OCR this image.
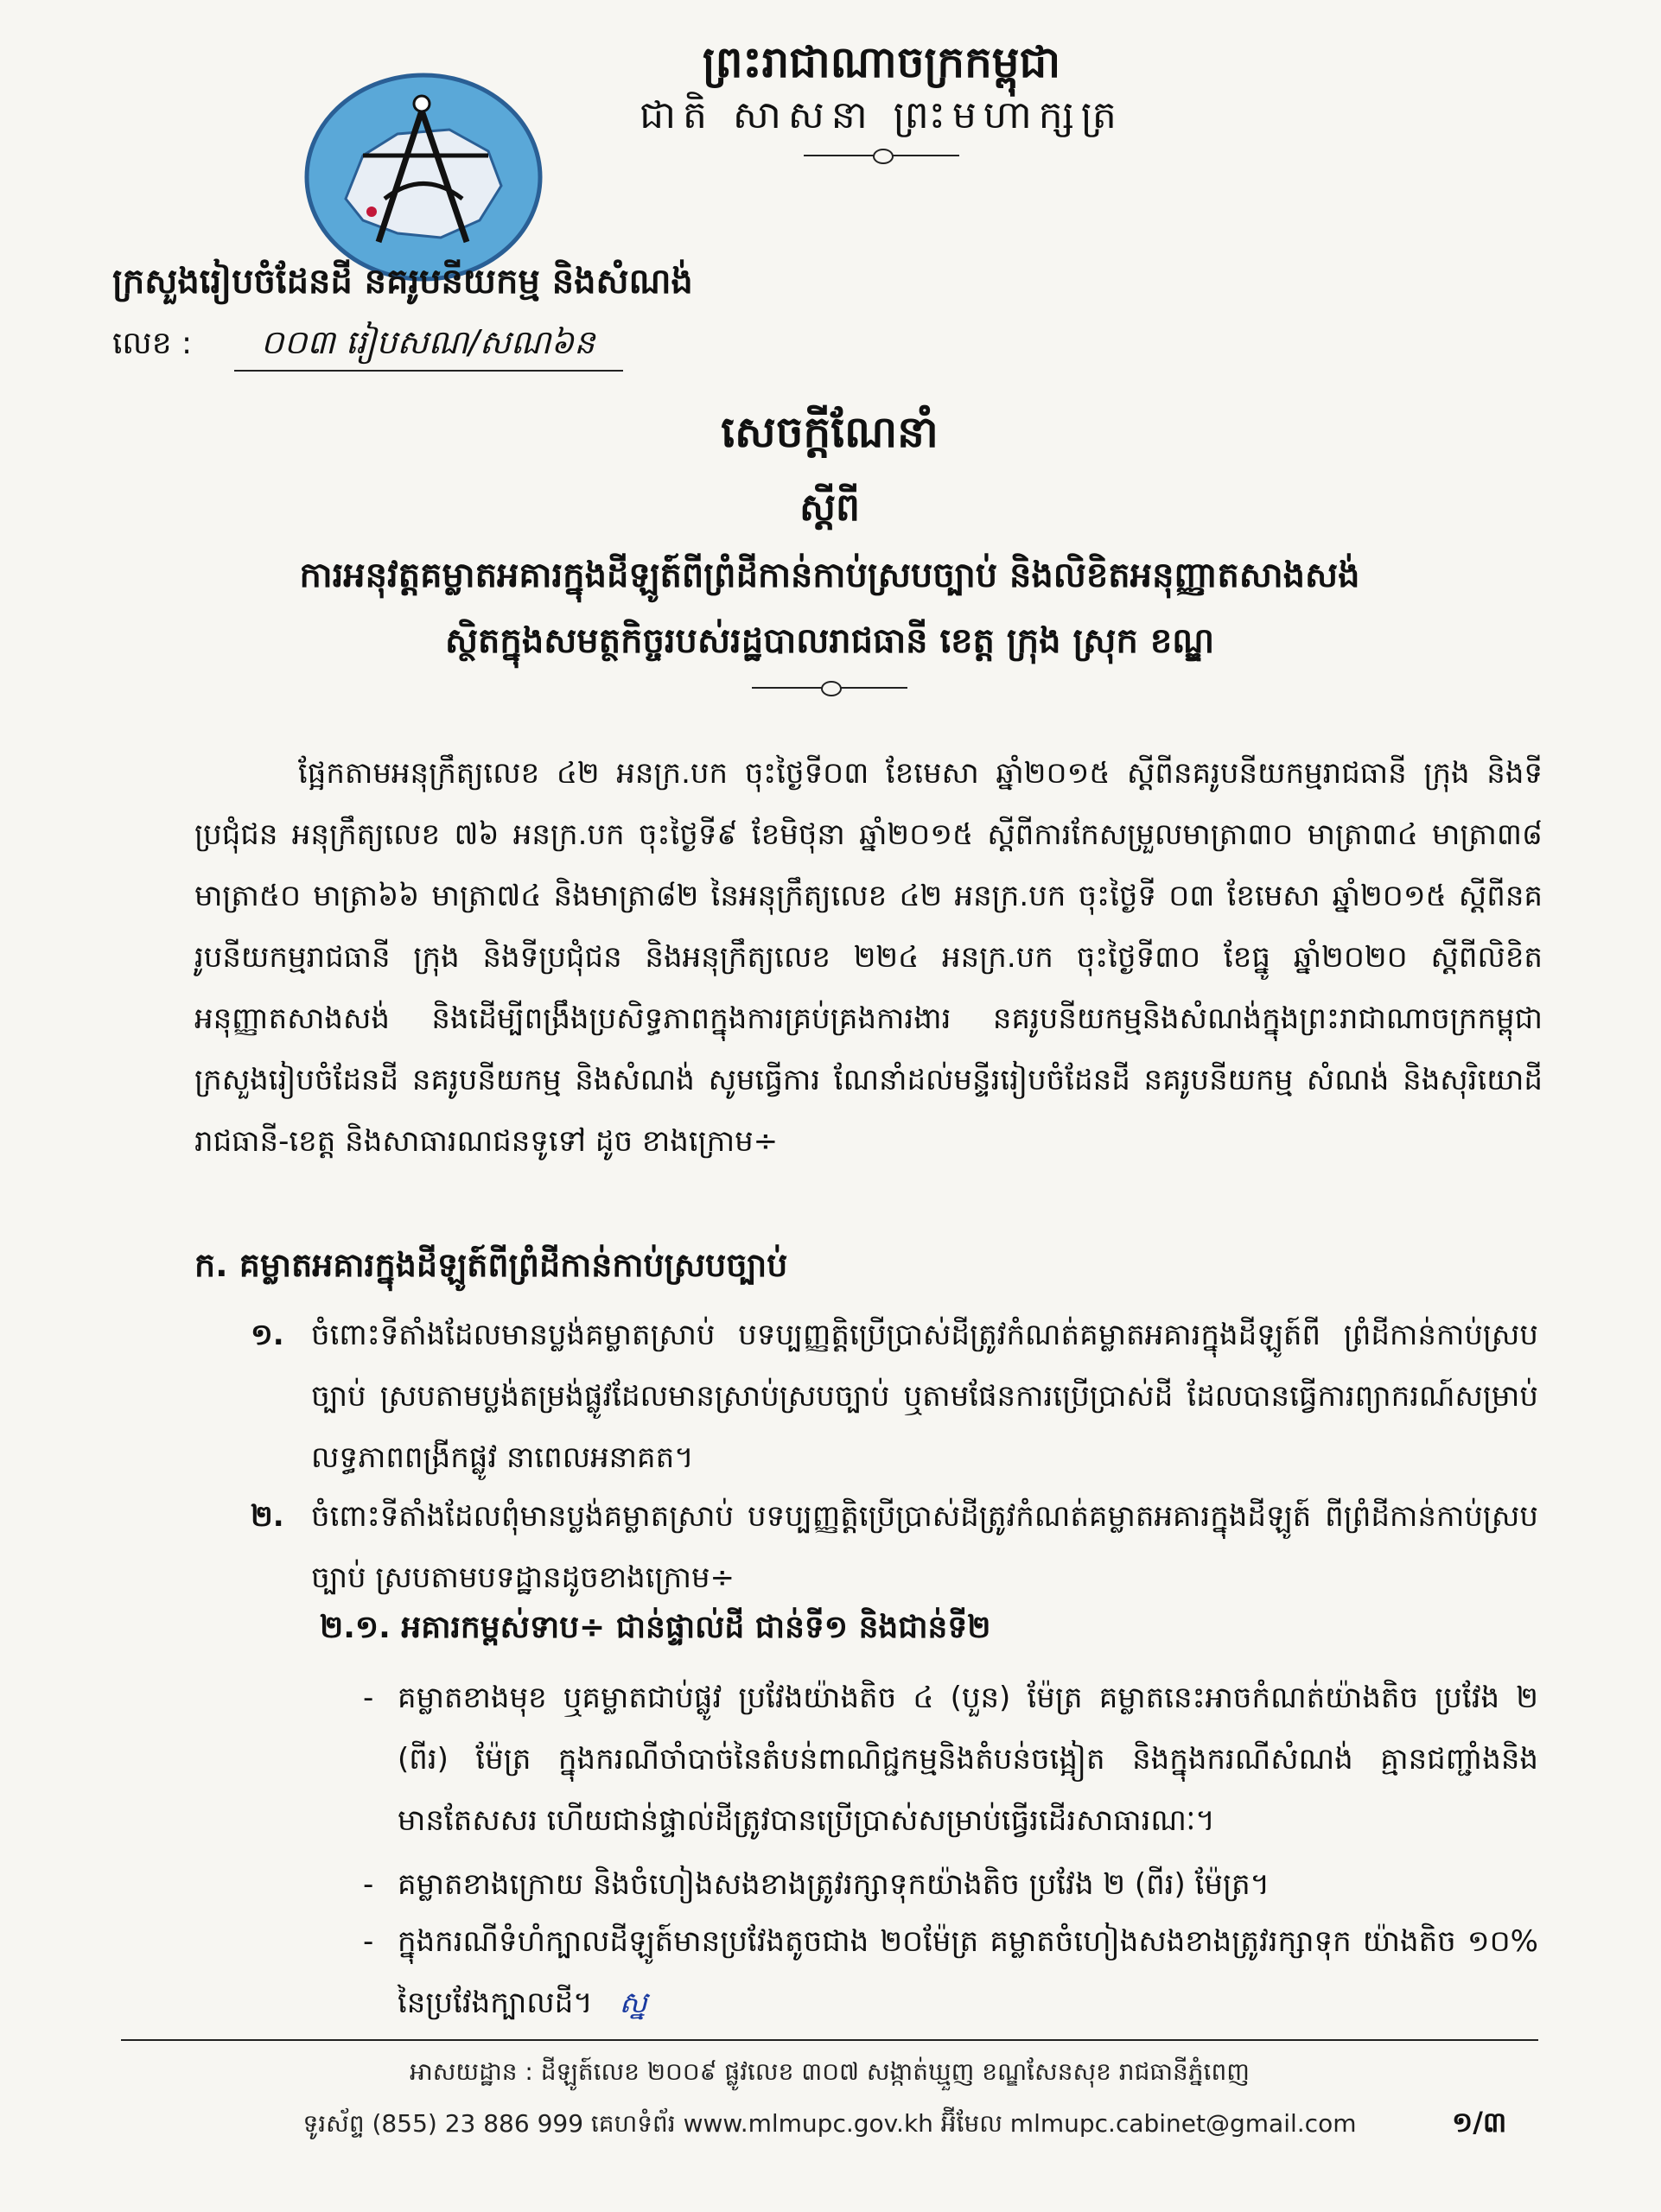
ព្រះរាជាណាចក្រកម្ពុជា
ជាតិ សាសនា ព្រះមហាក្សត្រ
ក្រសួងរៀបចំដែនដី នគរូបនីយកម្ម និងសំណង់
លេខ : ០០៣ រៀបសណ/សណ៦ន
សេចក្តីណែនាំ
ស្តីពី
ការអនុវត្តគម្លាតអគារក្នុងដីឡូត៍ពីព្រំដីកាន់កាប់ស្របច្បាប់ និងលិខិតអនុញ្ញាតសាងសង់
ស្ថិតក្នុងសមត្ថកិច្ចរបស់រដ្ឋបាលរាជធានី ខេត្ត ក្រុង ស្រុក ខណ្ឌ

ផ្អែកតាមអនុក្រឹត្យលេខ ៤២ អនក្រ.បក ចុះថ្ងៃទី០៣ ខែមេសា ឆ្នាំ២០១៥ ស្តីពីនគរូបនីយកម្មរាជធានី ក្រុង និងទីប្រជុំជន អនុក្រឹត្យលេខ ៧៦ អនក្រ.បក ចុះថ្ងៃទី៩ ខែមិថុនា ឆ្នាំ២០១៥ ស្តីពីការកែសម្រួលមាត្រា៣០ មាត្រា៣៤ មាត្រា៣៨ មាត្រា៥០ មាត្រា៦៦ មាត្រា៧៤ និងមាត្រា៨២ នៃអនុក្រឹត្យលេខ ៤២ អនក្រ.បក ចុះថ្ងៃទី ០៣ ខែមេសា ឆ្នាំ២០១៥ ស្តីពីនគរូបនីយកម្មរាជធានី ក្រុង និងទីប្រជុំជន និងអនុក្រឹត្យលេខ ២២៤ អនក្រ.បក ចុះថ្ងៃទី៣០ ខែធ្នូ ឆ្នាំ២០២០ ស្តីពីលិខិតអនុញ្ញាតសាងសង់ និងដើម្បីពង្រឹងប្រសិទ្ធភាពក្នុងការគ្រប់គ្រងការងារ នគរូបនីយកម្មនិងសំណង់ក្នុងព្រះរាជាណាចក្រកម្ពុជា ក្រសួងរៀបចំដែនដី នគរូបនីយកម្ម និងសំណង់ សូមធ្វើការ ណែនាំដល់មន្ទីររៀបចំដែនដី នគរូបនីយកម្ម សំណង់ និងសុរិយោដីរាជធានី-ខេត្ត និងសាធារណជនទូទៅ ដូច ខាងក្រោម÷

ក. គម្លាតអគារក្នុងដីឡូត៍ពីព្រំដីកាន់កាប់ស្របច្បាប់
១. ចំពោះទីតាំងដែលមានប្លង់គម្លាតស្រាប់ បទប្បញ្ញត្តិប្រើប្រាស់ដីត្រូវកំណត់គម្លាតអគារក្នុងដីឡូត៍ពី ព្រំដីកាន់កាប់ស្របច្បាប់ ស្របតាមប្លង់តម្រង់ផ្លូវដែលមានស្រាប់ស្របច្បាប់ ឬតាមផែនការប្រើប្រាស់ដី ដែលបានធ្វើការព្យាករណ៍សម្រាប់លទ្ធភាពពង្រីកផ្លូវ នាពេលអនាគត។
២. ចំពោះទីតាំងដែលពុំមានប្លង់គម្លាតស្រាប់ បទប្បញ្ញត្តិប្រើប្រាស់ដីត្រូវកំណត់គម្លាតអគារក្នុងដីឡូត៍ ពីព្រំដីកាន់កាប់ស្របច្បាប់ ស្របតាមបទដ្ឋានដូចខាងក្រោម÷
២.១. អគារកម្ពស់ទាប÷ ជាន់ផ្ទាល់ដី ជាន់ទី១ និងជាន់ទី២
- គម្លាតខាងមុខ ឬគម្លាតជាប់ផ្លូវ ប្រវែងយ៉ាងតិច ៤ (បួន) ម៉ែត្រ គម្លាតនេះអាចកំណត់យ៉ាងតិច ប្រវែង ២ (ពីរ) ម៉ែត្រ ក្នុងករណីចាំបាច់នៃតំបន់ពាណិជ្ជកម្មនិងតំបន់ចង្អៀត និងក្នុងករណីសំណង់ គ្មានជញ្ជាំងនិងមានតែសសរ ហើយជាន់ផ្ទាល់ដីត្រូវបានប្រើប្រាស់សម្រាប់ធ្វើរដើរសាធារណៈ។
- គម្លាតខាងក្រោយ និងចំហៀងសងខាងត្រូវរក្សាទុកយ៉ាងតិច ប្រវែង ២ (ពីរ) ម៉ែត្រ។
- ក្នុងករណីទំហំក្បាលដីឡូត៍មានប្រវែងតូចជាង ២០ម៉ែត្រ គម្លាតចំហៀងសងខាងត្រូវរក្សាទុក យ៉ាងតិច ១០% នៃប្រវែងក្បាលដី។ ស្ន
អាសយដ្ឋាន : ដីឡូត៍លេខ ២០០៩ ផ្លូវលេខ ៣០៧ សង្កាត់ឃ្មួញ ខណ្ឌសែនសុខ រាជធានីភ្នំពេញ
ទូរស័ព្ទ (855) 23 886 999 គេហទំព័រ www.mlmupc.gov.kh អ៊ីមែល mlmupc.cabinet@gmail.com	១/៣
